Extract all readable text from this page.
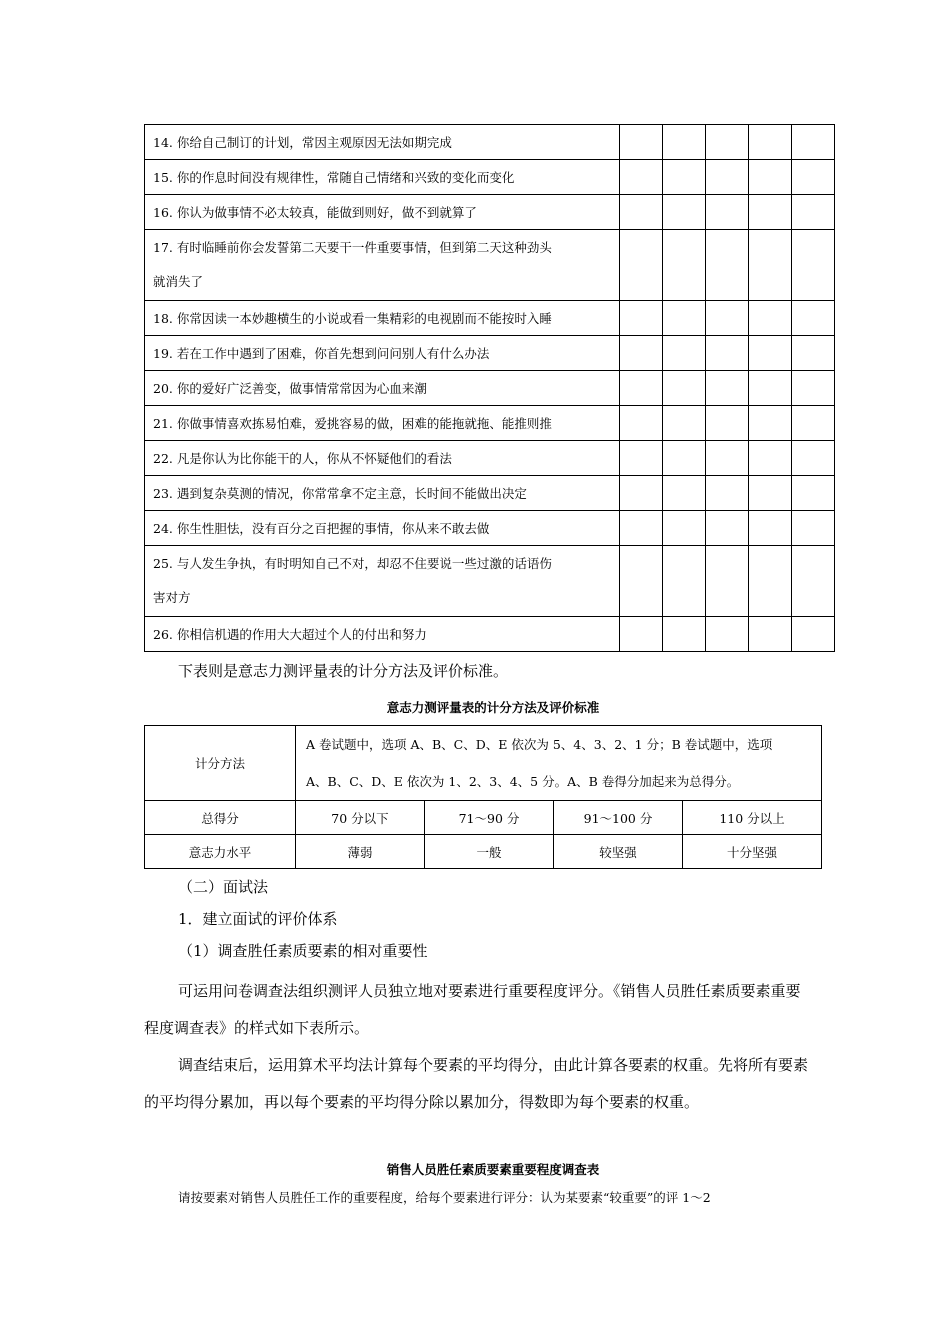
14. 你给自己制订的计划，常因主观原因无法如期完成					

15. 你的作息时间没有规律性，常随自己情绪和兴致的变化而变化					

16. 你认为做事情不必太较真，能做到则好，做不到就算了					

17. 有时临睡前你会发誓第二天要干一件重要事情，但到第二天这种劲头
就消失了					

18. 你常因读一本妙趣横生的小说或看一集精彩的电视剧而不能按时入睡					

19. 若在工作中遇到了困难，你首先想到问问别人有什么办法					

20. 你的爱好广泛善变，做事情常常因为心血来潮					

21. 你做事情喜欢拣易怕难，爱挑容易的做，困难的能拖就拖、能推则推					

22. 凡是你认为比你能干的人，你从不怀疑他们的看法					

23. 遇到复杂莫测的情况，你常常拿不定主意，长时间不能做出决定					

24. 你生性胆怯，没有百分之百把握的事情，你从来不敢去做					

25. 与人发生争执，有时明知自己不对，却忍不住要说一些过激的话语伤
害对方					

26. 你相信机遇的作用大大超过个人的付出和努力					

下表则是意志力测评量表的计分方法及评价标准。
意志力测评量表的计分方法及评价标准
计分方法	A 卷试题中，选项 A、B、C、D、E 依次为 5、4、3、2、1 分；B 卷试题中，选项
A、B、C、D、E 依次为 1、2、3、4、5 分。A、B 卷得分加起来为总得分。			

总得分	70 分以下	71～90 分	91～100 分	110 分以上
意志力水平	薄弱	一般	较坚强	十分坚强
（二）面试法
1．建立面试的评价体系
（1）调查胜任素质要素的相对重要性

可运用问卷调查法组织测评人员独立地对要素进行重要程度评分。《销售人员胜任素质要素重要程度调查表》的样式如下表所示。

调查结束后，运用算术平均法计算每个要素的平均得分，由此计算各要素的权重。先将所有要素的平均得分累加，再以每个要素的平均得分除以累加分，得数即为每个要素的权重。

销售人员胜任素质要素重要程度调查表
请按要素对销售人员胜任工作的重要程度，给每个要素进行评分：认为某要素“较重要”的评 1～2
